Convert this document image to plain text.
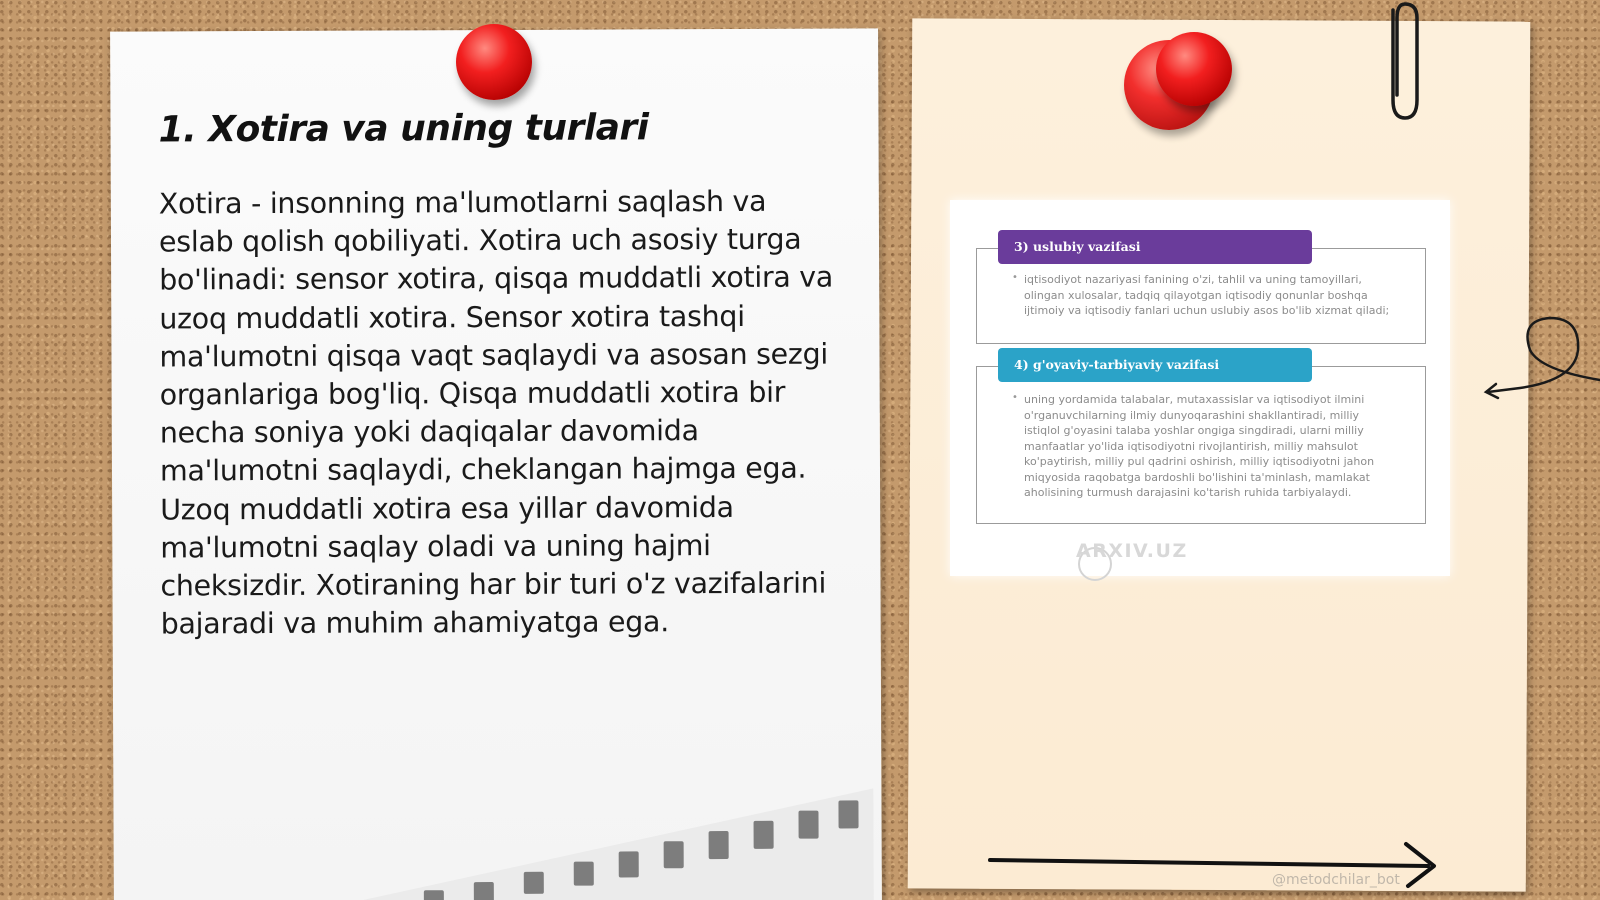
1. Xotira va uning turlari

Xotira - insonning ma'lumotlarni saqlash va eslab qolish qobiliyati. Xotira uch asosiy turga bo'linadi: sensor xotira, qisqa muddatli xotira va uzoq muddatli xotira. Sensor xotira tashqi ma'lumotni qisqa vaqt saqlaydi va asosan sezgi organlariga bog'liq. Qisqa muddatli xotira bir necha soniya yoki daqiqalar davomida ma'lumotni saqlaydi, cheklangan hajmga ega. Uzoq muddatli xotira esa yillar davomida ma'lumotni saqlay oladi va uning hajmi cheksizdir. Xotiraning har bir turi o'z vazifalarini bajaradi va muhim ahamiyatga ega.

3) uslubiy vazifasi
• iqtisodiyot nazariyasi fanining o'zi, tahlil va uning tamoyillari, olingan xulosalar, tadqiq qilayotgan iqtisodiy qonunlar boshqa ijtimoiy va iqtisodiy fanlari uchun uslubiy asos bo'lib xizmat qiladi;
4) g'oyaviy-tarbiyaviy vazifasi
• uning yordamida talabalar, mutaxassislar va iqtisodiyot ilmini o'rganuvchilarning ilmiy dunyoqarashini shakllantiradi, milliy istiqlol g'oyasini talaba yoshlar ongiga singdiradi, ularni milliy manfaatlar yo'lida iqtisodiyotni rivojlantirish, milliy mahsulot ko'paytirish, milliy pul qadrini oshirish, milliy iqtisodiyotni jahon miqyosida raqobatga bardoshli bo'lishini ta'minlash, mamlakat aholisining turmush darajasini ko'tarish ruhida tarbiyalaydi.
ARXIV.UZ
@metodchilar_bot
